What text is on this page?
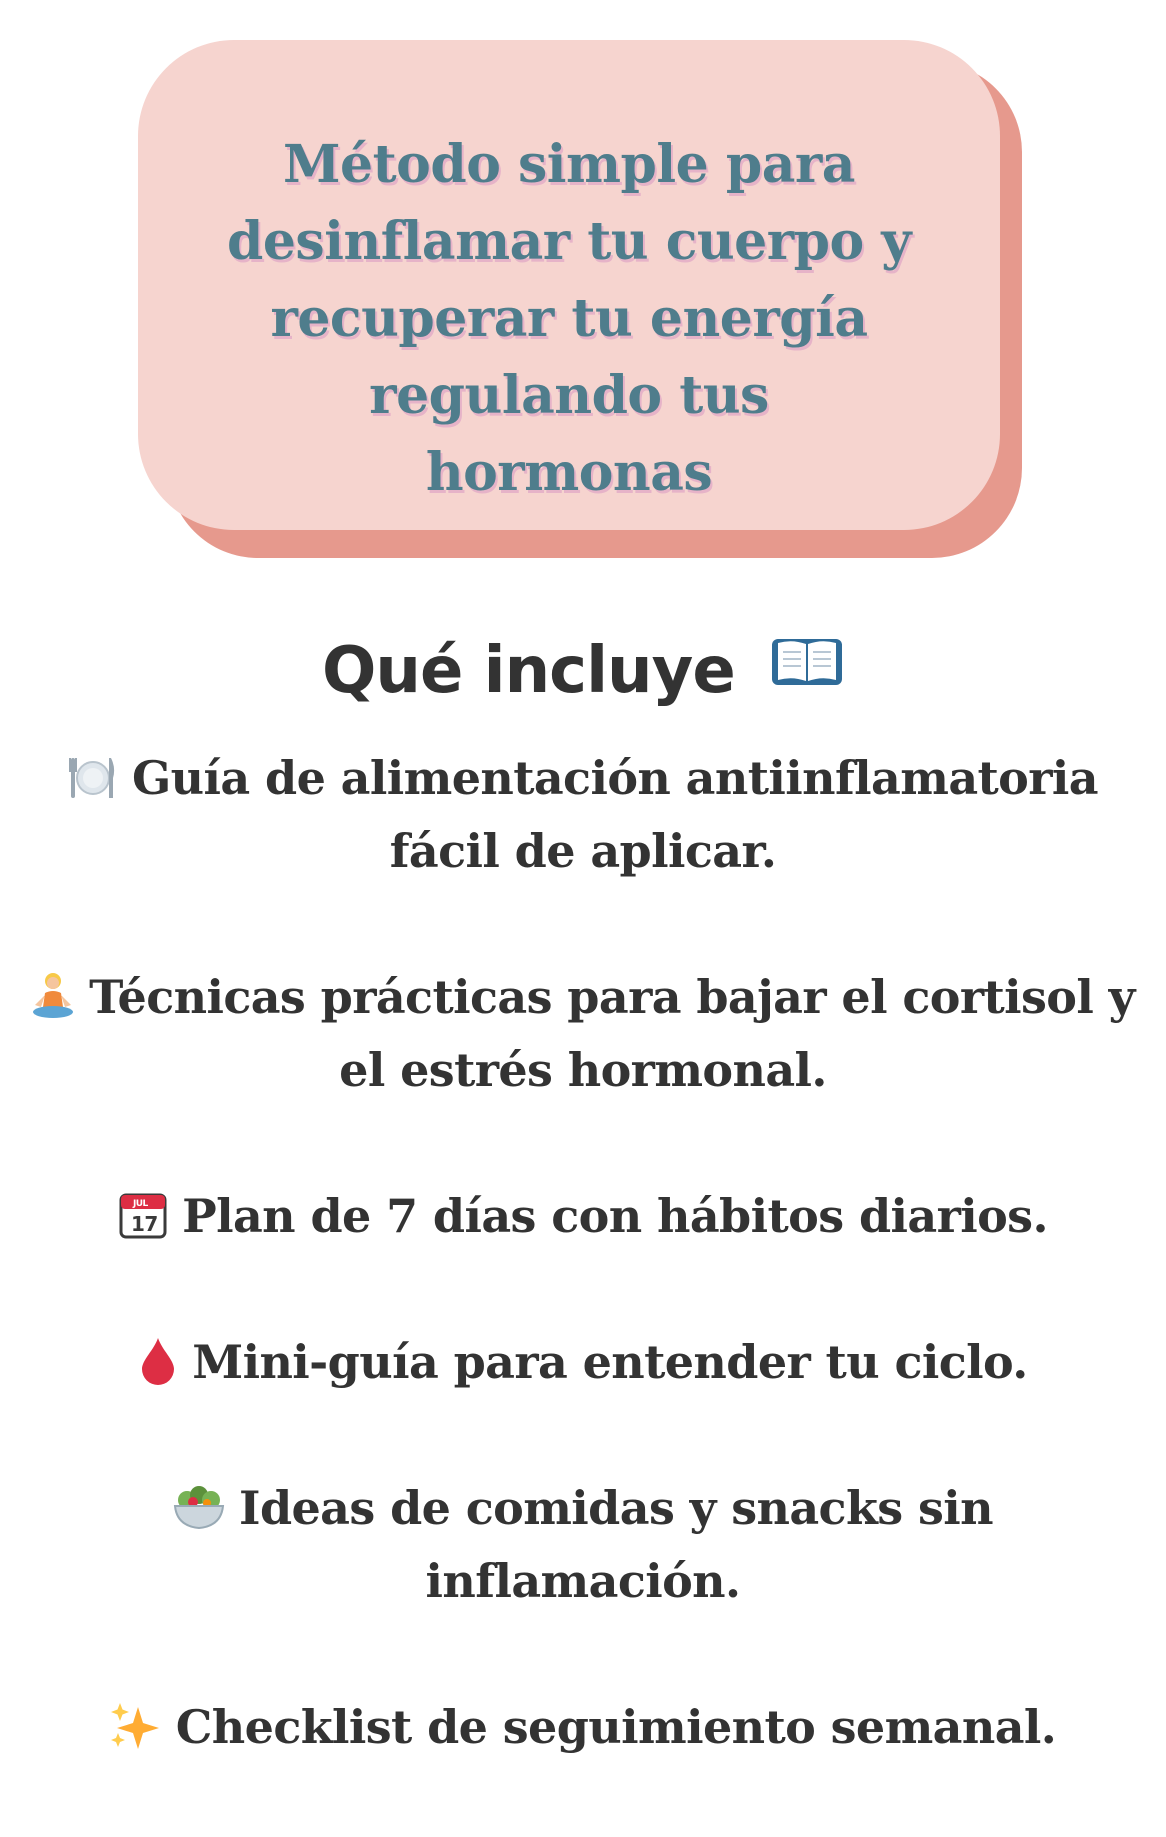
Método simple para desinflamar tu cuerpo y recuperar tu energía regulando tus hormonas
Qué incluye
Guía de alimentación antiinflamatoria fácil de aplicar.
Técnicas prácticas para bajar el cortisol y el estrés hormonal.
JUL
17 Plan de 7 días con hábitos diarios.
Mini-guía para entender tu ciclo.
Ideas de comidas y snacks sin inflamación.
Checklist de seguimiento semanal.
